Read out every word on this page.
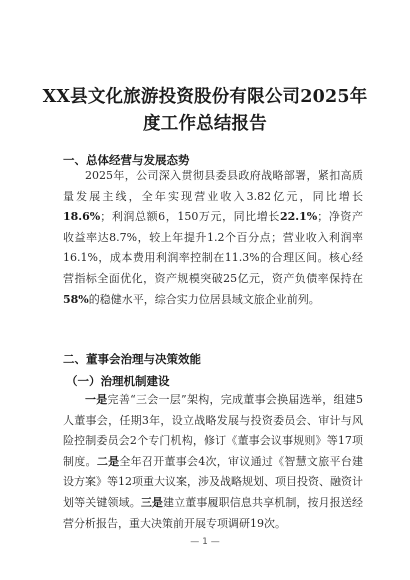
XX县文化旅游投资股份有限公司2025年度工作总结报告
一、总体经营与发展态势
2025年，公司深入贯彻县委县政府战略部署，紧扣高质量发展主线，全年实现营业收入3.82亿元，同比增长18.6%；利润总额6，150万元，同比增长22.1%；净资产收益率达8.7%，较上年提升1.2个百分点；营业收入利润率16.1%，成本费用利润率控制在11.3%的合理区间。核心经营指标全面优化，资产规模突破25亿元，资产负债率保持在58%的稳健水平，综合实力位居县域文旅企业前列。
二、董事会治理与决策效能
（一）治理机制建设
一是完善“三会一层”架构，完成董事会换届选举，组建5人董事会，任期3年，设立战略发展与投资委员会、审计与风险控制委员会2个专门机构，修订《董事会议事规则》等17项制度。二是全年召开董事会4次，审议通过《智慧文旅平台建设方案》等12项重大议案，涉及战略规划、项目投资、融资计划等关键领域。三是建立董事履职信息共享机制，按月报送经营分析报告，重大决策前开展专项调研19次。
— 1 —
